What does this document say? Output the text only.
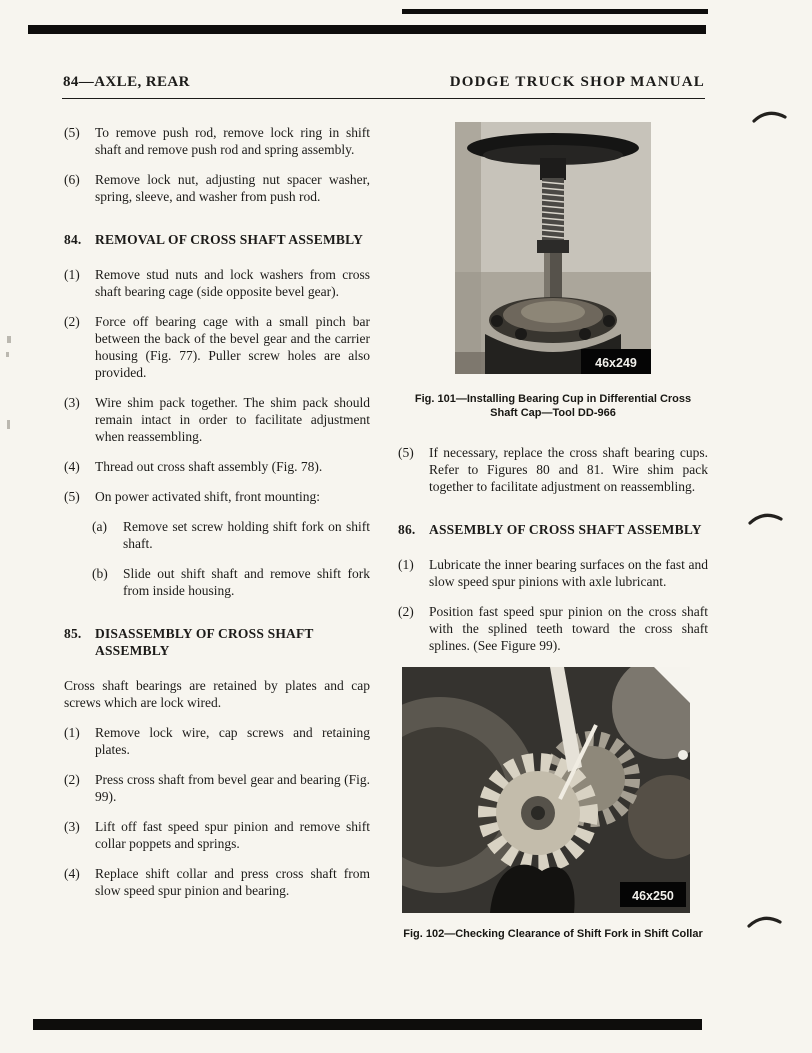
84—AXLE, REAR	DODGE TRUCK SHOP MANUAL

(5) To remove push rod, remove lock ring in shift shaft and remove push rod and spring assembly.

(6) Remove lock nut, adjusting nut spacer washer, spring, sleeve, and washer from push rod.

84. REMOVAL OF CROSS SHAFT ASSEMBLY

(1) Remove stud nuts and lock washers from cross shaft bearing cage (side opposite bevel gear).

(2) Force off bearing cage with a small pinch bar between the back of the bevel gear and the carrier housing (Fig. 77). Puller screw holes are also provided.

(3) Wire shim pack together. The shim pack should remain intact in order to facilitate adjustment when reassembling.

(4) Thread out cross shaft assembly (Fig. 78).

(5) On power activated shift, front mounting:

(a) Remove set screw holding shift fork on shift shaft.

(b) Slide out shift shaft and remove shift fork from inside housing.

85. DISASSEMBLY OF CROSS SHAFT ASSEMBLY

Cross shaft bearings are retained by plates and cap screws which are lock wired.

(1) Remove lock wire, cap screws and retaining plates.

(2) Press cross shaft from bevel gear and bearing (Fig. 99).

(3) Lift off fast speed spur pinion and remove shift collar poppets and springs.

(4) Replace shift collar and press cross shaft from slow speed spur pinion and bearing.

46x249

Fig. 101—Installing Bearing Cup in Differential Cross Shaft Cap—Tool DD-966

(5) If necessary, replace the cross shaft bearing cups. Refer to Figures 80 and 81. Wire shim pack together to facilitate adjustment on reassembling.

86. ASSEMBLY OF CROSS SHAFT ASSEMBLY

(1) Lubricate the inner bearing surfaces on the fast and slow speed spur pinions with axle lubricant.

(2) Position fast speed spur pinion on the cross shaft with the splined teeth toward the cross shaft splines. (See Figure 99).

46x250

Fig. 102—Checking Clearance of Shift Fork in Shift Collar
